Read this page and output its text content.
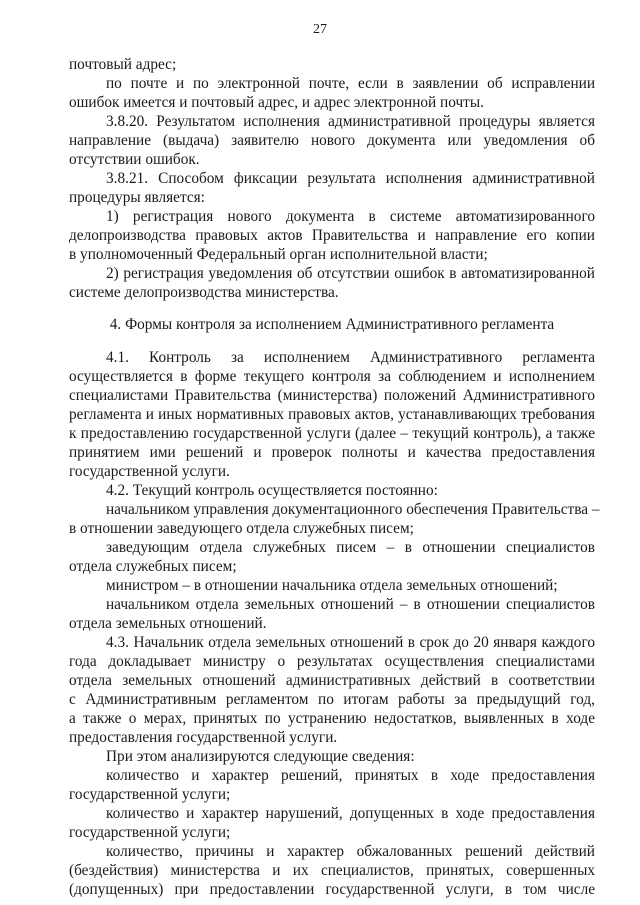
27
почтовый адрес;
по почте и по электронной почте, если в заявлении об исправлении
ошибок имеется и почтовый адрес, и адрес электронной почты.
3.8.20. Результатом исполнения административной процедуры является
направление (выдача) заявителю нового документа или уведомления об
отсутствии ошибок.
3.8.21. Способом фиксации результата исполнения административной
процедуры является:
1) регистрация нового документа в системе автоматизированного
делопроизводства правовых актов Правительства и направление его копии
в уполномоченный Федеральный орган исполнительной власти;
2) регистрация уведомления об отсутствии ошибок в автоматизированной
системе делопроизводства министерства.
4. Формы контроля за исполнением Административного регламента
4.1. Контроль за исполнением Административного регламента
осуществляется в форме текущего контроля за соблюдением и исполнением
специалистами Правительства (министерства) положений Административного
регламента и иных нормативных правовых актов, устанавливающих требования
к предоставлению государственной услуги (далее – текущий контроль), а также
принятием ими решений и проверок полноты и качества предоставления
государственной услуги.
4.2. Текущий контроль осуществляется постоянно:
начальником управления документационного обеспечения Правительства –
в отношении заведующего отдела служебных писем;
заведующим отдела служебных писем – в отношении специалистов
отдела служебных писем;
министром – в отношении начальника отдела земельных отношений;
начальником отдела земельных отношений – в отношении специалистов
отдела земельных отношений.
4.3. Начальник отдела земельных отношений в срок до 20 января каждого
года докладывает министру о результатах осуществления специалистами
отдела земельных отношений административных действий в соответствии
с Административным регламентом по итогам работы за предыдущий год,
а также о мерах, принятых по устранению недостатков, выявленных в ходе
предоставления государственной услуги.
При этом анализируются следующие сведения:
количество и характер решений, принятых в ходе предоставления
государственной услуги;
количество и характер нарушений, допущенных в ходе предоставления
государственной услуги;
количество, причины и характер обжалованных решений действий
(бездействия) министерства и их специалистов, принятых, совершенных
(допущенных) при предоставлении государственной услуги, в том числе
